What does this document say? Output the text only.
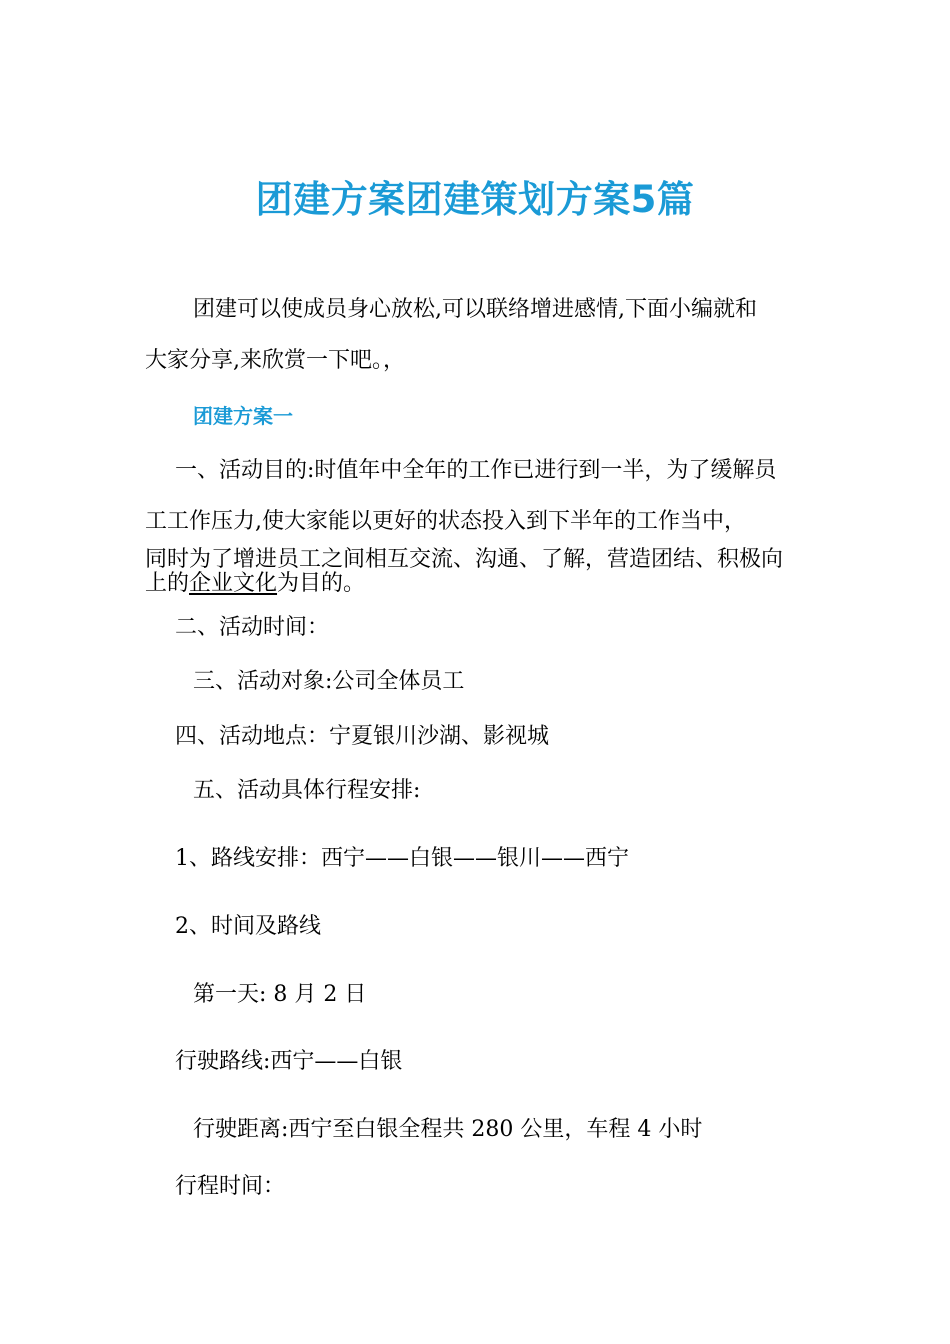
团建方案团建策划方案5篇
团建可以使成员身心放松,可以联络增进感情,下面小编就和
大家分享,来欣赏一下吧。，
团建方案一
一、活动目的:时值年中全年的工作已进行到一半，为了缓解员
工工作压力,使大家能以更好的状态投入到下半年的工作当中，
同时为了增进员工之间相互交流、沟通、了解，营造团结、积极向
上的企业文化为目的。
二、活动时间：
三、活动对象:公司全体员工
四、活动地点：宁夏银川沙湖、影视城
五、活动具体行程安排:
1、路线安排：西宁——白银——银川——西宁
2、时间及路线
第一天: 8 月 2 日
行驶路线:西宁——白银
行驶距离:西宁至白银全程共 280 公里，车程 4 小时
行程时间：
